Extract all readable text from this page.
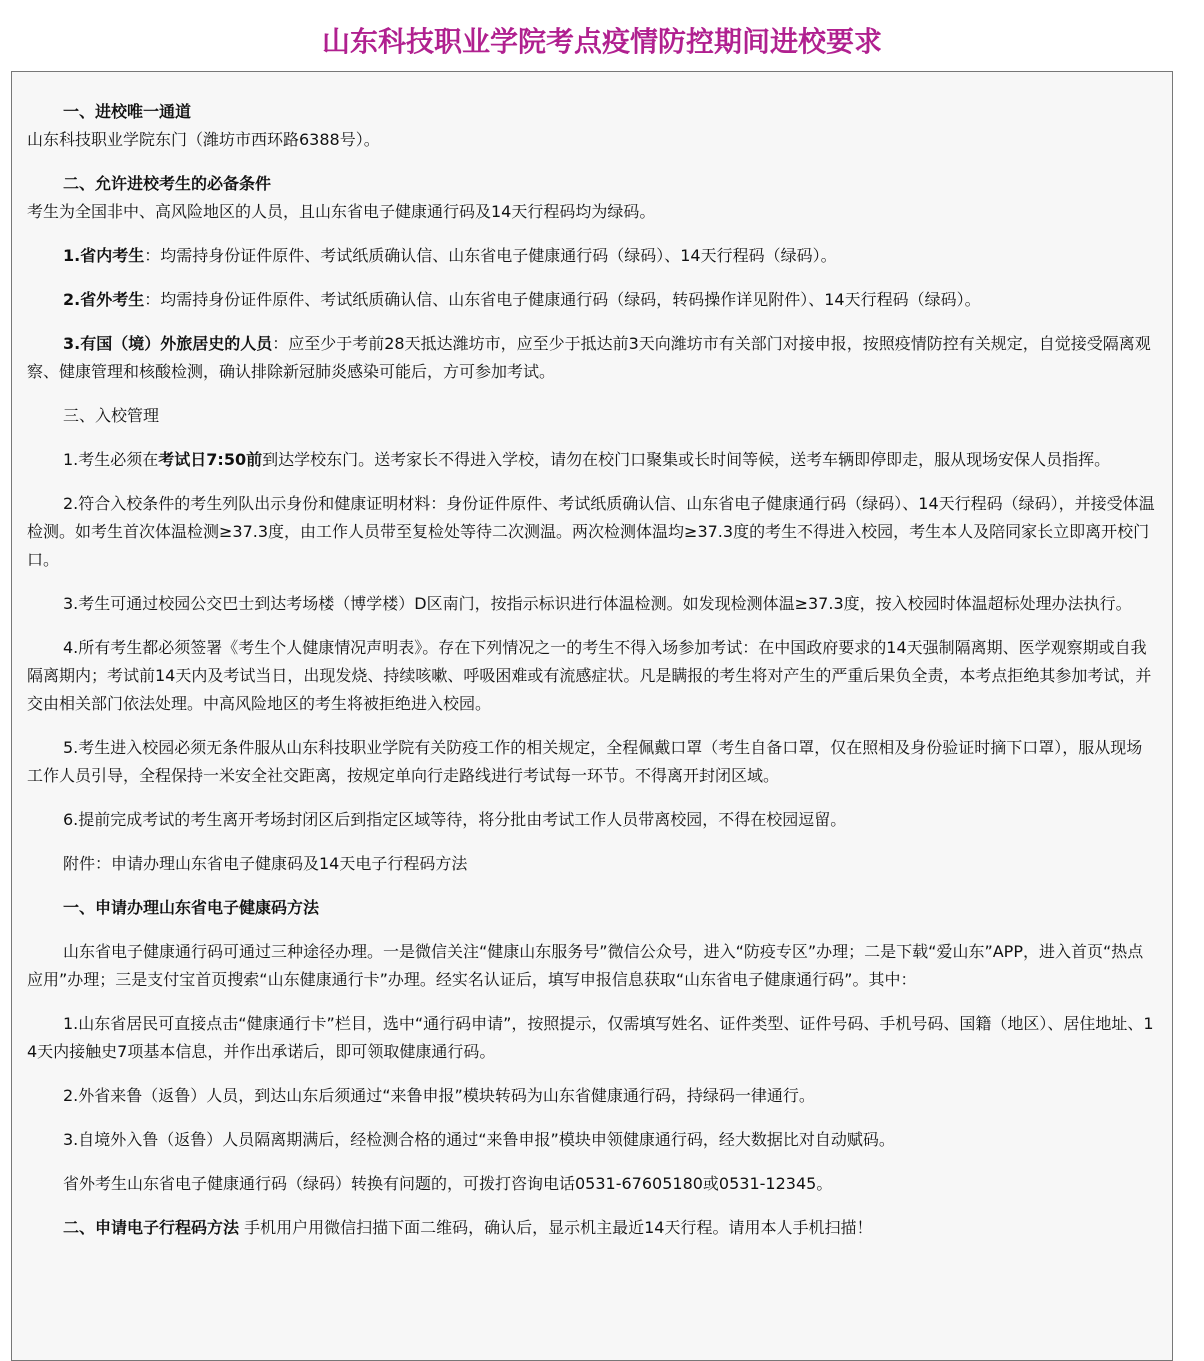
山东科技职业学院考点疫情防控期间进校要求
一、进校唯一通道
山东科技职业学院东门（潍坊市西环路6388号）。
二、允许进校考生的必备条件
考生为全国非中、高风险地区的人员，且山东省电子健康通行码及14天行程码均为绿码。
1.省内考生：均需持身份证件原件、考试纸质确认信、山东省电子健康通行码（绿码）、14天行程码（绿码）。
2.省外考生：均需持身份证件原件、考试纸质确认信、山东省电子健康通行码（绿码，转码操作详见附件）、14天行程码（绿码）。
3.有国（境）外旅居史的人员：应至少于考前28天抵达潍坊市，应至少于抵达前3天向潍坊市有关部门对接申报，按照疫情防控有关规定，自觉接受隔离观察、健康管理和核酸检测，确认排除新冠肺炎感染可能后，方可参加考试。
三、入校管理
1.考生必须在考试日7:50前到达学校东门。送考家长不得进入学校，请勿在校门口聚集或长时间等候，送考车辆即停即走，服从现场安保人员指挥。
2.符合入校条件的考生列队出示身份和健康证明材料：身份证件原件、考试纸质确认信、山东省电子健康通行码（绿码）、14天行程码（绿码），并接受体温检测。如考生首次体温检测≥37.3度，由工作人员带至复检处等待二次测温。两次检测体温均≥37.3度的考生不得进入校园，考生本人及陪同家长立即离开校门口。
3.考生可通过校园公交巴士到达考场楼（博学楼）D区南门，按指示标识进行体温检测。如发现检测体温≥37.3度，按入校园时体温超标处理办法执行。
4.所有考生都必须签署《考生个人健康情况声明表》。存在下列情况之一的考生不得入场参加考试：在中国政府要求的14天强制隔离期、医学观察期或自我隔离期内；考试前14天内及考试当日，出现发烧、持续咳嗽、呼吸困难或有流感症状。凡是瞒报的考生将对产生的严重后果负全责，本考点拒绝其参加考试，并交由相关部门依法处理。中高风险地区的考生将被拒绝进入校园。
5.考生进入校园必须无条件服从山东科技职业学院有关防疫工作的相关规定，全程佩戴口罩（考生自备口罩，仅在照相及身份验证时摘下口罩），服从现场工作人员引导，全程保持一米安全社交距离，按规定单向行走路线进行考试每一环节。不得离开封闭区域。
6.提前完成考试的考生离开考场封闭区后到指定区域等待，将分批由考试工作人员带离校园，不得在校园逗留。
附件：申请办理山东省电子健康码及14天电子行程码方法
一、申请办理山东省电子健康码方法
山东省电子健康通行码可通过三种途径办理。一是微信关注“健康山东服务号”微信公众号，进入“防疫专区”办理；二是下载“爱山东”APP，进入首页“热点应用”办理；三是支付宝首页搜索“山东健康通行卡”办理。经实名认证后，填写申报信息获取“山东省电子健康通行码”。其中：
1.山东省居民可直接点击“健康通行卡”栏目，选中“通行码申请”，按照提示，仅需填写姓名、证件类型、证件号码、手机号码、国籍（地区）、居住地址、14天内接触史7项基本信息，并作出承诺后，即可领取健康通行码。
2.外省来鲁（返鲁）人员，到达山东后须通过“来鲁申报”模块转码为山东省健康通行码，持绿码一律通行。
3.自境外入鲁（返鲁）人员隔离期满后，经检测合格的通过“来鲁申报”模块申领健康通行码，经大数据比对自动赋码。
省外考生山东省电子健康通行码（绿码）转换有问题的，可拨打咨询电话0531-67605180或0531-12345。
二、申请电子行程码方法 手机用户用微信扫描下面二维码，确认后，显示机主最近14天行程。请用本人手机扫描！
